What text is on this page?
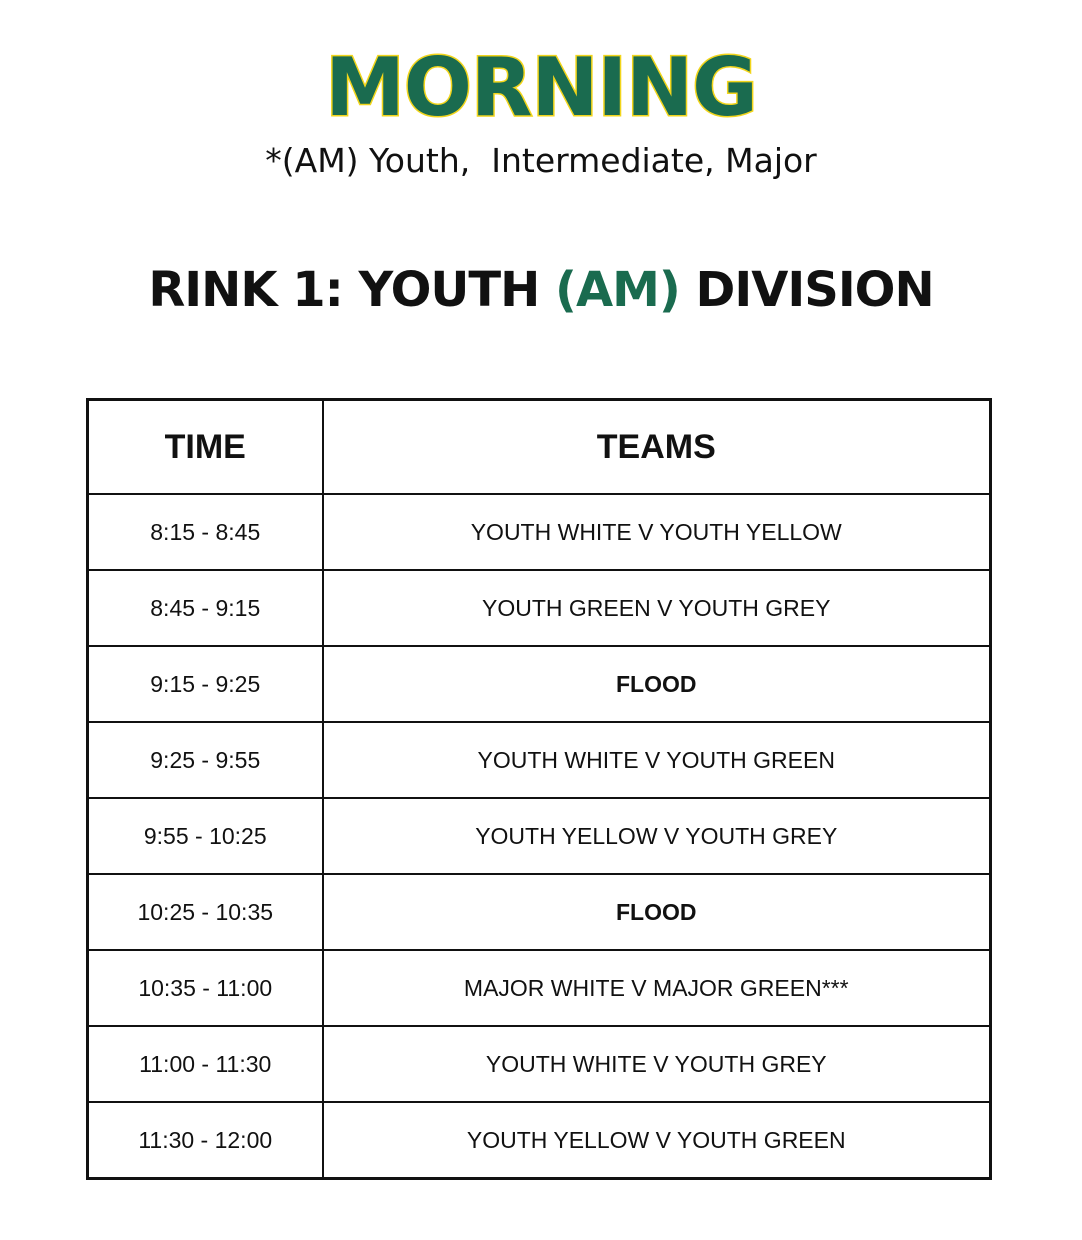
MORNING
*(AM) Youth,  Intermediate, Major
RINK 1: YOUTH (AM) DIVISION
TIME	TEAMS
8:15 - 8:45	YOUTH WHITE V YOUTH YELLOW
8:45 - 9:15	YOUTH GREEN V YOUTH GREY
9:15 - 9:25	FLOOD
9:25 - 9:55	YOUTH WHITE V YOUTH GREEN
9:55 - 10:25	YOUTH YELLOW V YOUTH GREY
10:25 - 10:35	FLOOD
10:35 - 11:00	MAJOR WHITE V MAJOR GREEN***
11:00 - 11:30	YOUTH WHITE V YOUTH GREY
11:30 - 12:00	YOUTH YELLOW V YOUTH GREEN
